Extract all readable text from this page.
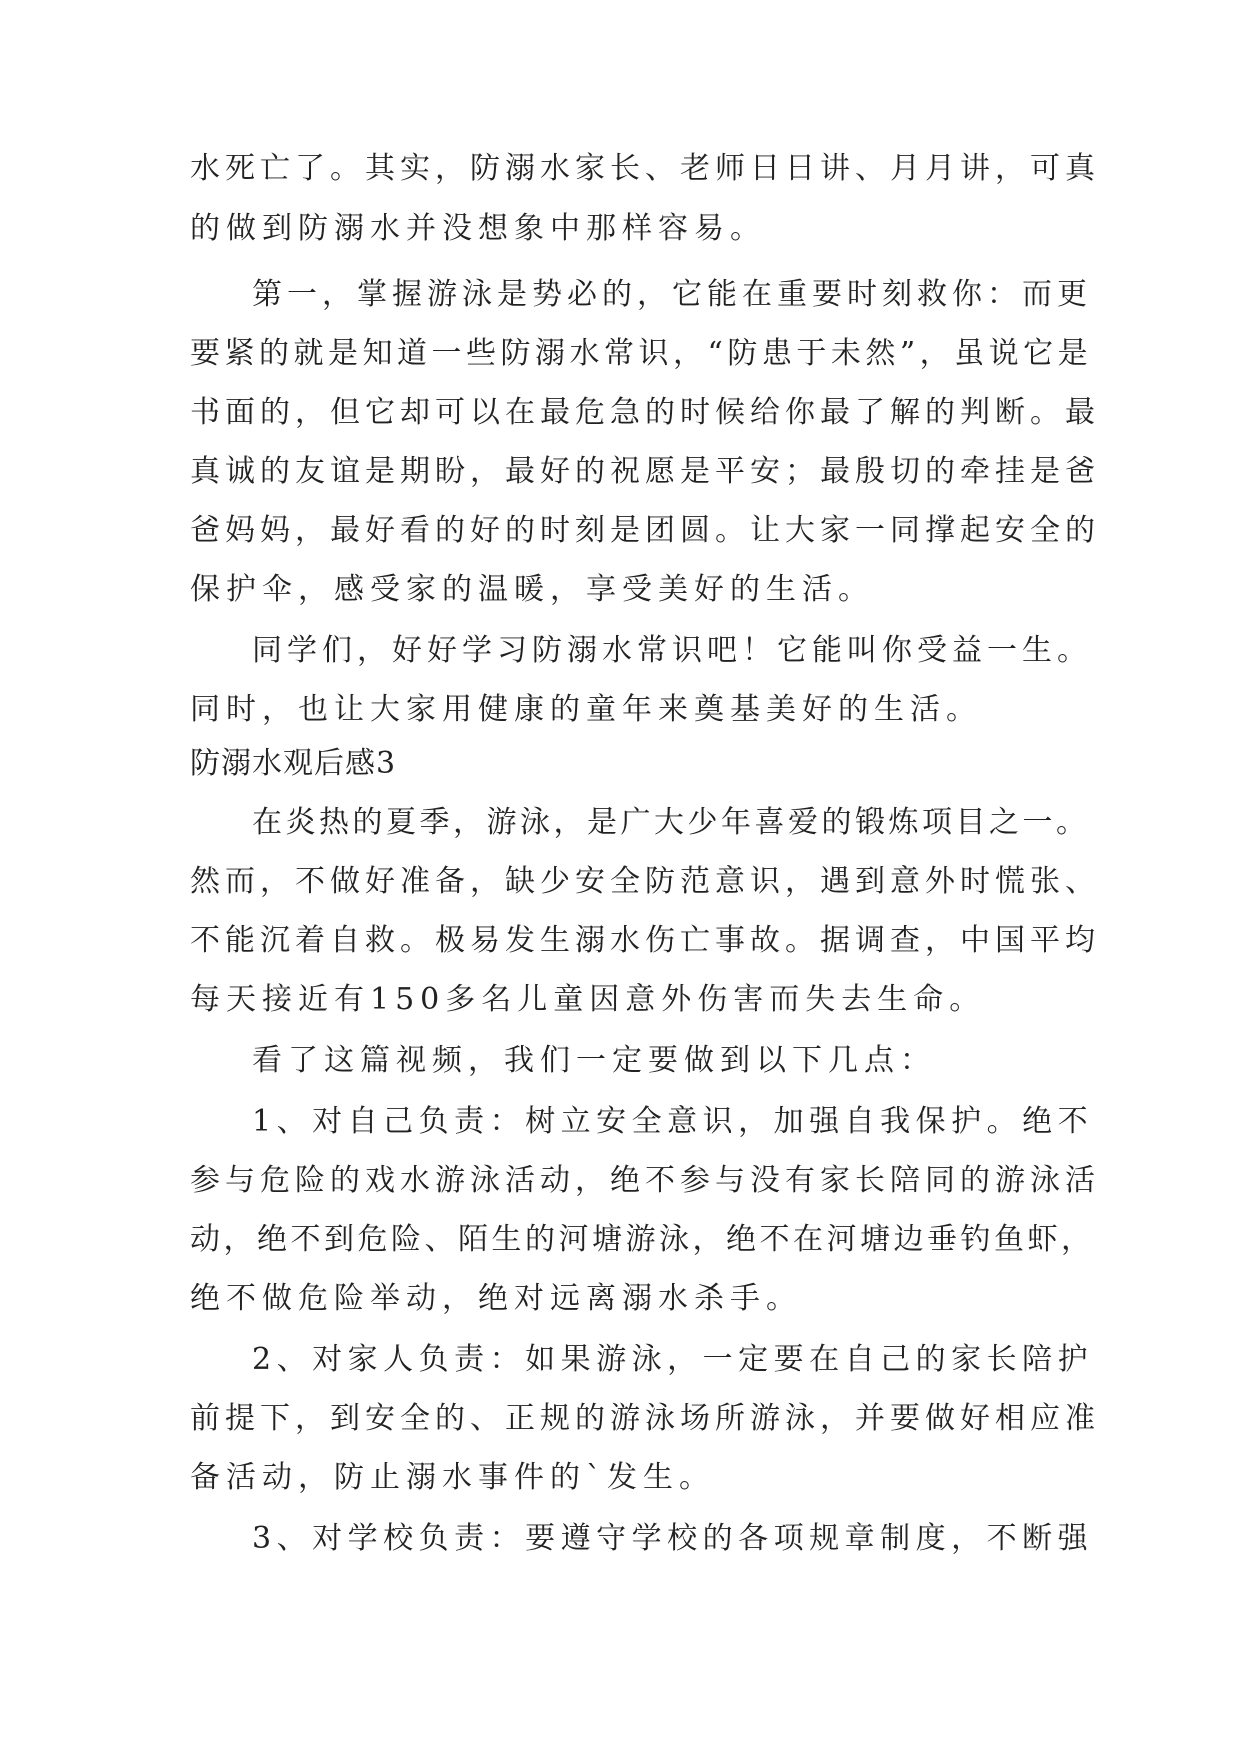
水死亡了。其实，防溺水家长、老师日日讲、月月讲，可真
的做到防溺水并没想象中那样容易。
第一，掌握游泳是势必的，它能在重要时刻救你：而更
要紧的就是知道一些防溺水常识，“防患于未然”，虽说它是
书面的，但它却可以在最危急的时候给你最了解的判断。最
真诚的友谊是期盼，最好的祝愿是平安；最殷切的牵挂是爸
爸妈妈，最好看的好的时刻是团圆。让大家一同撑起安全的
保护伞，感受家的温暖，享受美好的生活。
同学们，好好学习防溺水常识吧！它能叫你受益一生。
同时，也让大家用健康的童年来奠基美好的生活。
防溺水观后感3
在炎热的夏季，游泳，是广大少年喜爱的锻炼项目之一。
然而，不做好准备，缺少安全防范意识，遇到意外时慌张、
不能沉着自救。极易发生溺水伤亡事故。据调查，中国平均
每天接近有150多名儿童因意外伤害而失去生命。
看了这篇视频，我们一定要做到以下几点：
1、对自己负责：树立安全意识，加强自我保护。绝不
参与危险的戏水游泳活动，绝不参与没有家长陪同的游泳活
动，绝不到危险、陌生的河塘游泳，绝不在河塘边垂钓鱼虾，
绝不做危险举动，绝对远离溺水杀手。
2、对家人负责：如果游泳，一定要在自己的家长陪护
前提下，到安全的、正规的游泳场所游泳，并要做好相应准
备活动，防止溺水事件的`发生。
3、对学校负责：要遵守学校的各项规章制度，不断强
